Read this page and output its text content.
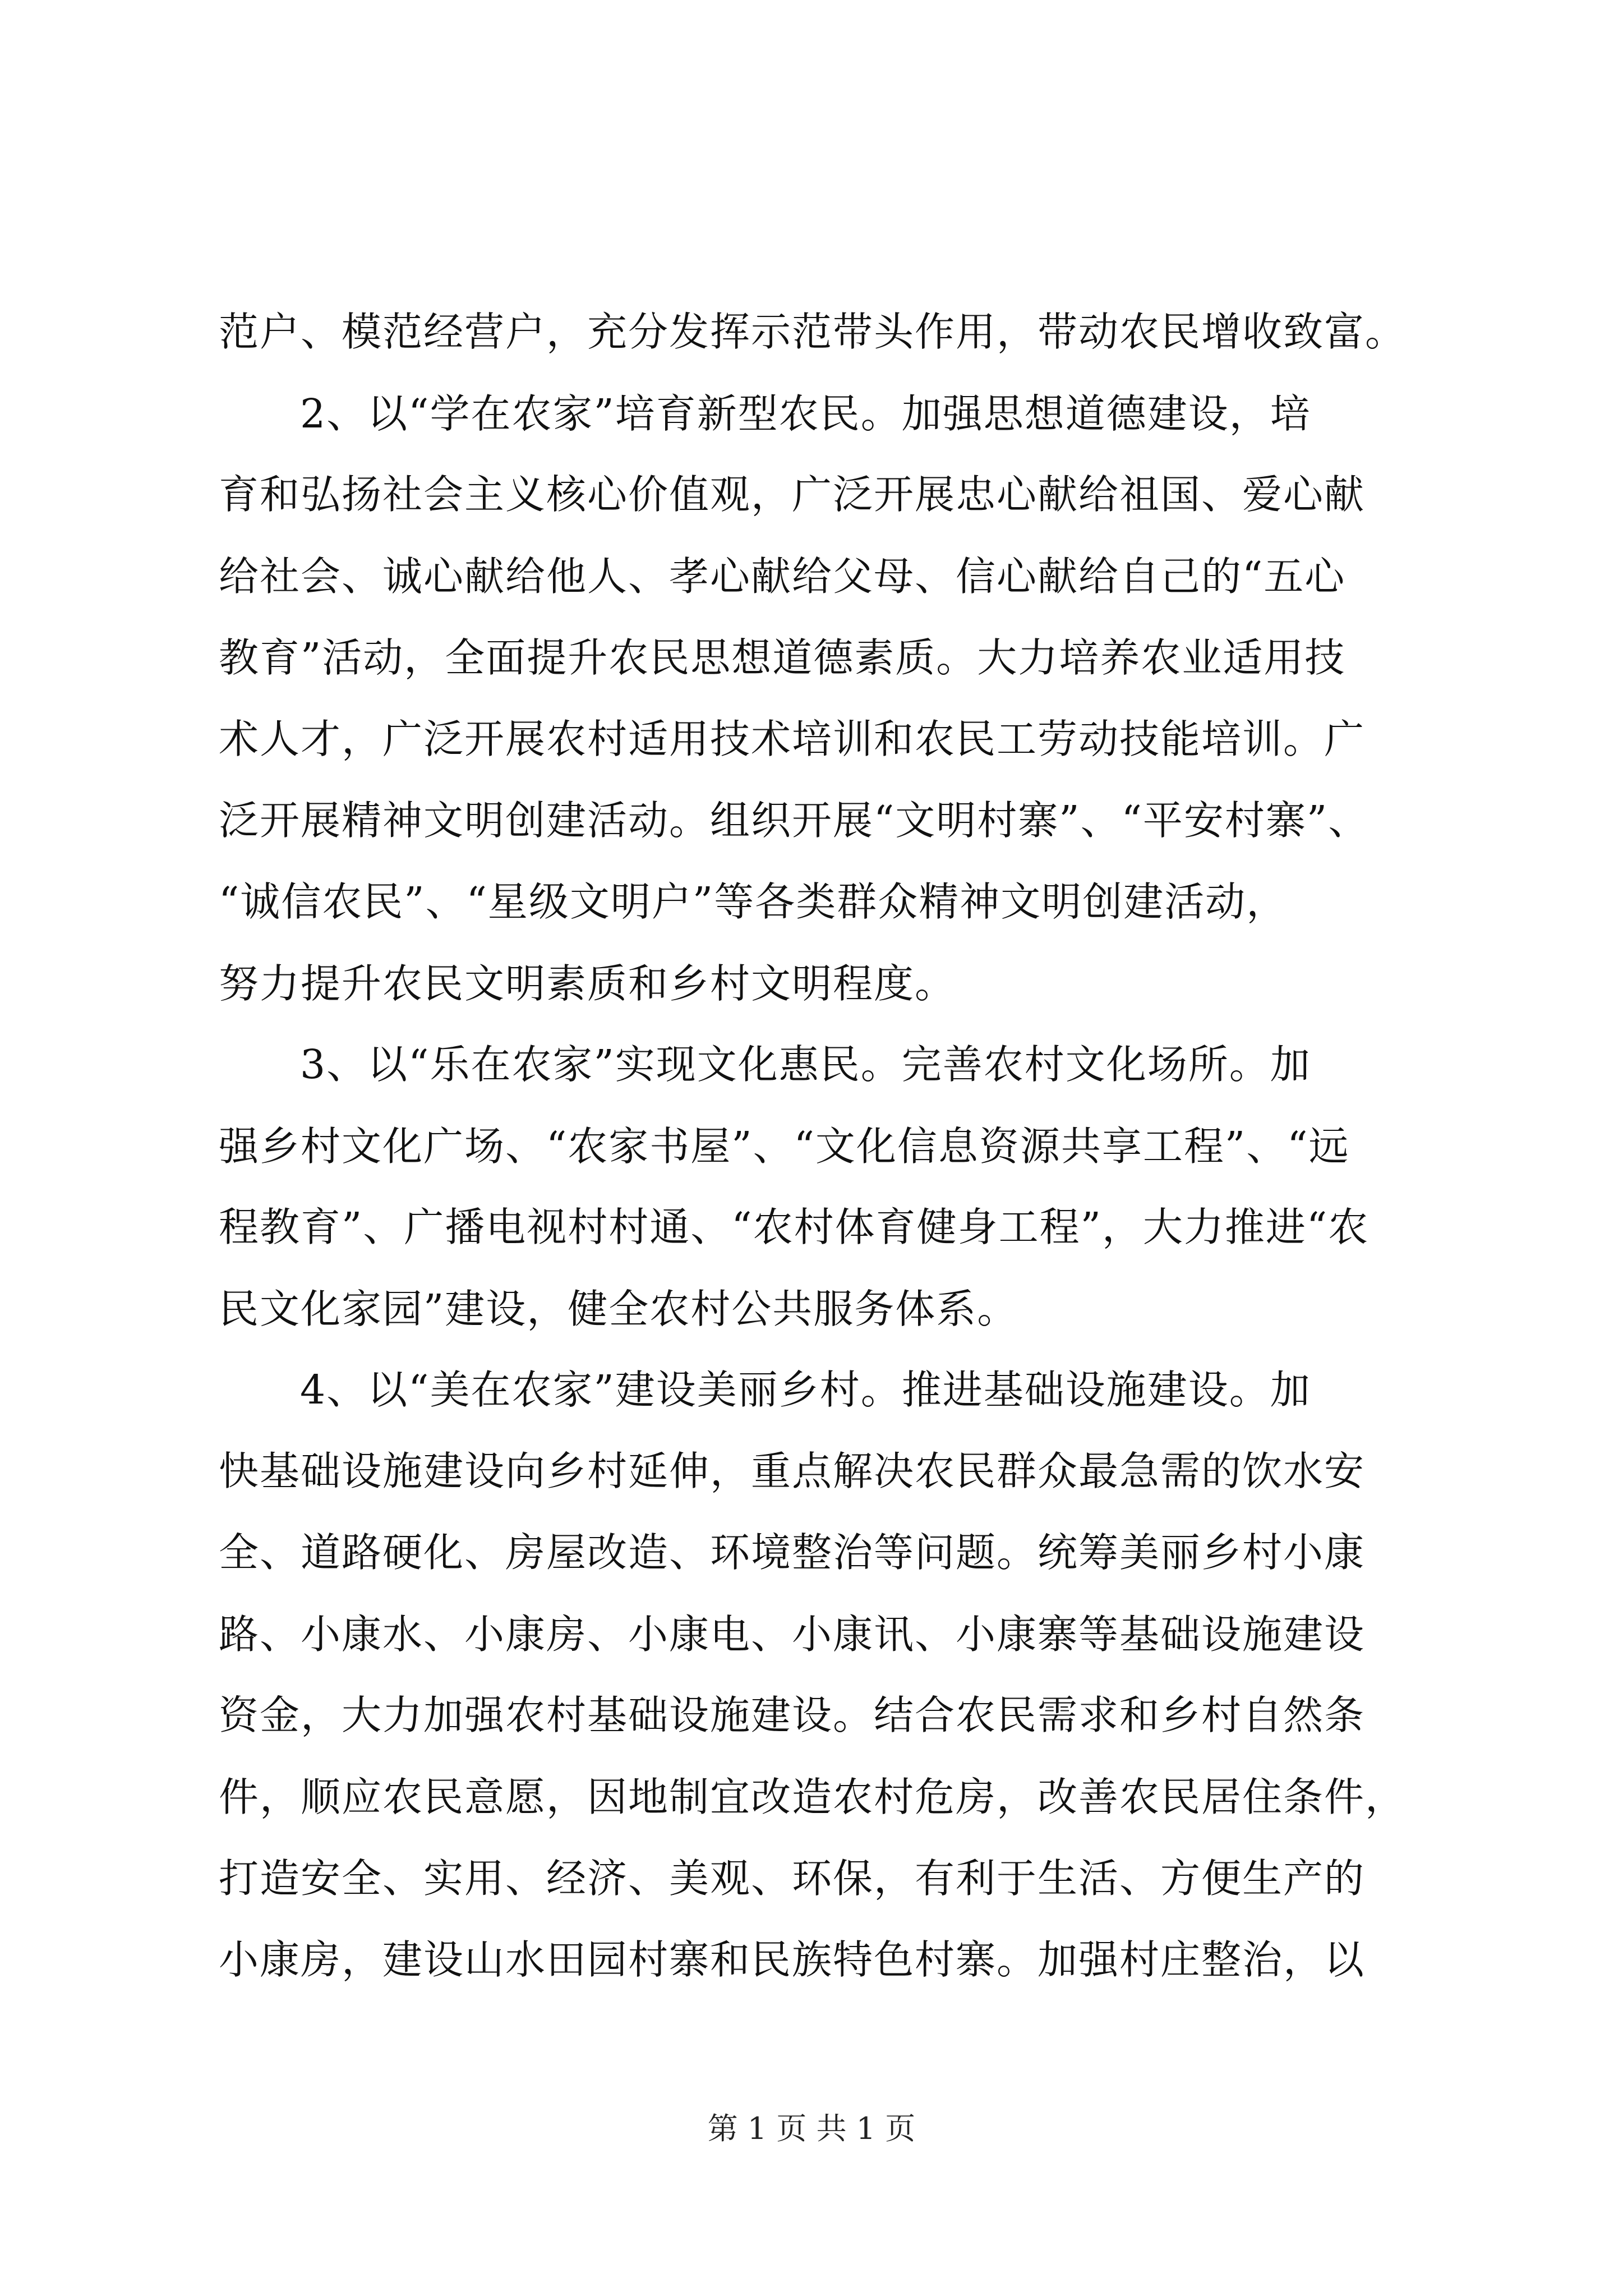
范户、模范经营户，充分发挥示范带头作用，带动农民增收致富。
2、以“学在农家”培育新型农民。加强思想道德建设，培
育和弘扬社会主义核心价值观，广泛开展忠心献给祖国、爱心献
给社会、诚心献给他人、孝心献给父母、信心献给自己的“五心
教育”活动，全面提升农民思想道德素质。大力培养农业适用技
术人才，广泛开展农村适用技术培训和农民工劳动技能培训。广
泛开展精神文明创建活动。组织开展“文明村寨”、“平安村寨”、
“诚信农民”、“星级文明户”等各类群众精神文明创建活动，
努力提升农民文明素质和乡村文明程度。
3、以“乐在农家”实现文化惠民。完善农村文化场所。加
强乡村文化广场、“农家书屋”、“文化信息资源共享工程”、“远
程教育”、广播电视村村通、“农村体育健身工程”，大力推进“农
民文化家园”建设，健全农村公共服务体系。
4、以“美在农家”建设美丽乡村。推进基础设施建设。加
快基础设施建设向乡村延伸，重点解决农民群众最急需的饮水安
全、道路硬化、房屋改造、环境整治等问题。统筹美丽乡村小康
路、小康水、小康房、小康电、小康讯、小康寨等基础设施建设
资金，大力加强农村基础设施建设。结合农民需求和乡村自然条
件，顺应农民意愿，因地制宜改造农村危房，改善农民居住条件，
打造安全、实用、经济、美观、环保，有利于生活、方便生产的
小康房，建设山水田园村寨和民族特色村寨。加强村庄整治，以
第 1 页 共 1 页
